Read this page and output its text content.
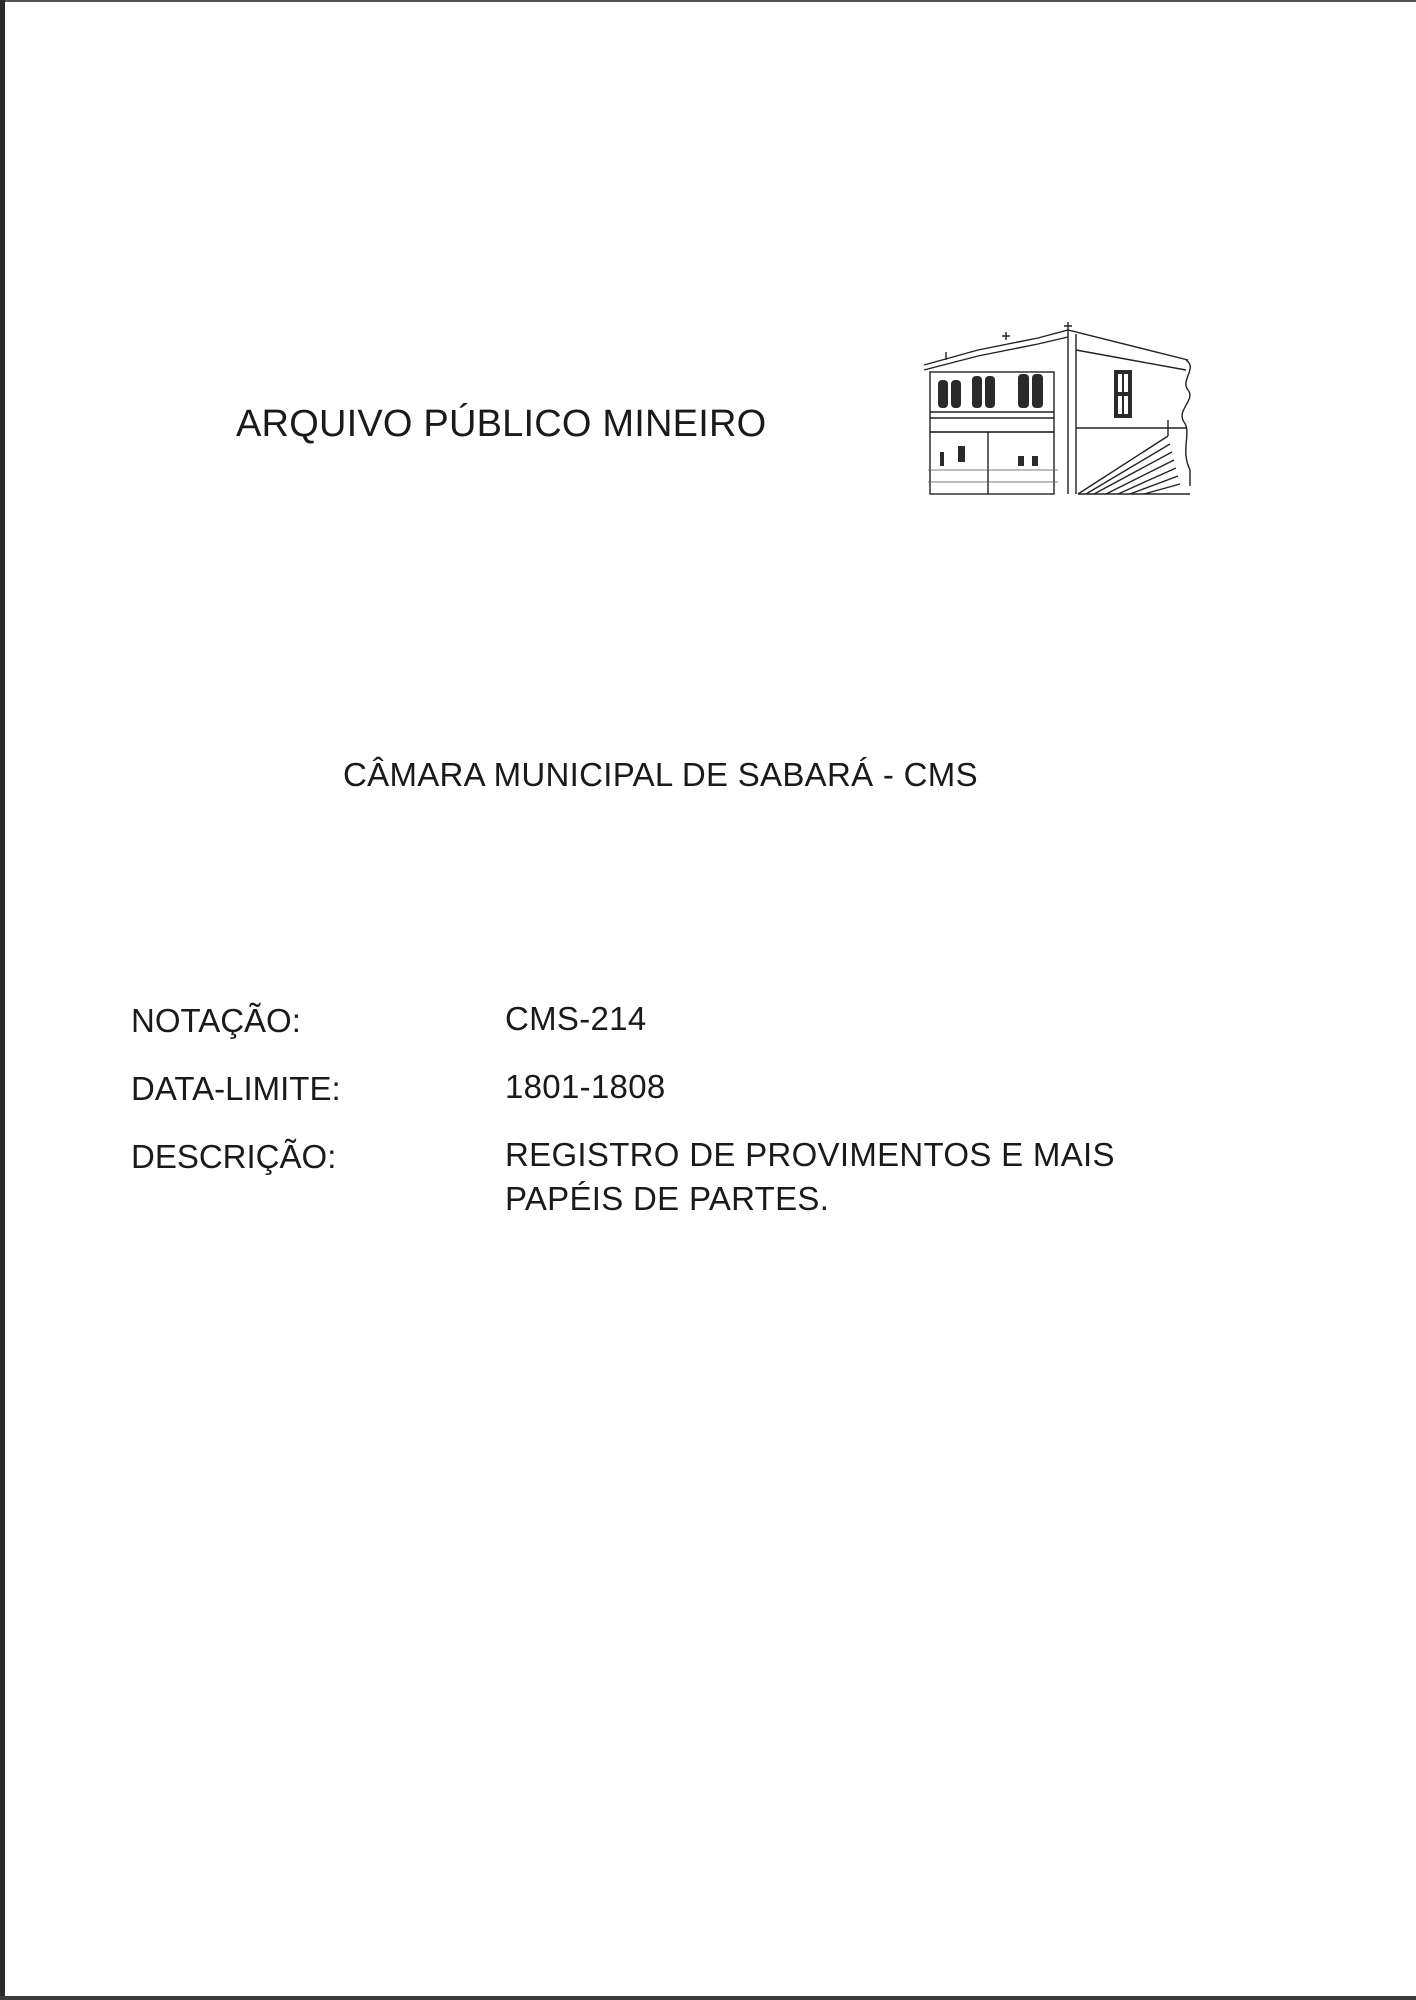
ARQUIVO PÚBLICO MINEIRO
CÂMARA MUNICIPAL DE SABARÁ - CMS
NOTAÇÃO:	CMS-214
DATA-LIMITE:	1801-1808
DESCRIÇÃO:	REGISTRO DE PROVIMENTOS E MAIS
PAPÉIS DE PARTES.
